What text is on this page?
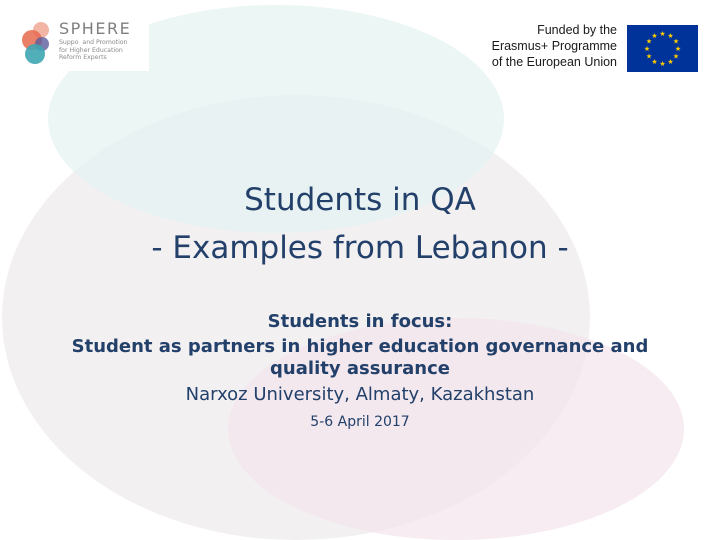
SPHERE
Suppo  and Promotion
for Higher Education
Reform Experts
Funded by the
Erasmus+ Programme
of the European Union
★ ★
★
★
★
★
★
★
★
★
★
★
Students in QA
- Examples from Lebanon -
Students in focus:
Student as partners in higher education governance and
quality assurance
Narxoz University, Almaty, Kazakhstan
5-6 April 2017
